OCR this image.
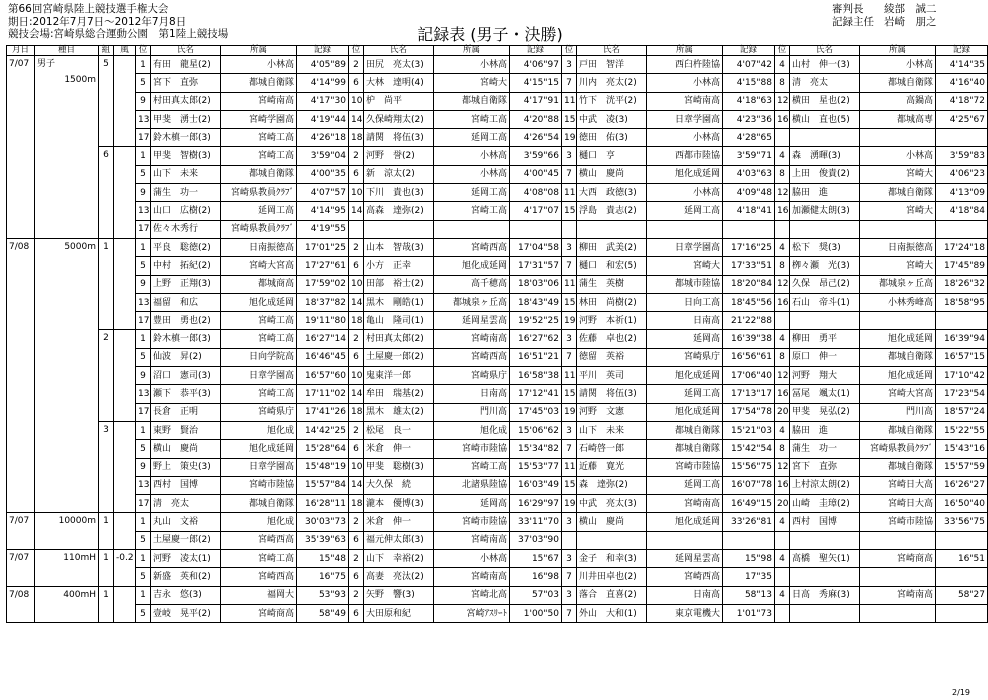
第66回宮崎県陸上競技選手権大会
期日:2012年7月7日～2012年7月8日
競技会場:宮崎県総合運動公園　第1陸上競技場	記録表 (男子・決勝)
審判長 綾部　誠二
記録主任 岩崎　朋之
月日	種目	組	風	位	氏名	所属	記録	位	氏名	所属	記録	位	氏名	所属	記録	位	氏名	所属	記録
7/07	男子
1500m	5		1	有田　龍星(2)	小林高	4'05"89	2	田尻　亮太(3)	小林高	4'06"97	3	戸田　智洋	西臼杵陸協	4'07"42	4	山村　伸一(3)	小林高	4'14"35
				5	宮下　直弥	都城自衛隊	4'14"99	6	大林　達明(4)	宮崎大	4'15"15	7	川内　亮太(2)	小林高	4'15"88	8	清　亮太	都城自衛隊	4'16"40
				9	村田真太郎(2)	宮崎南高	4'17"30	10	枦　尚平	都城自衛隊	4'17"91	11	竹下　洸平(2)	宮崎南高	4'18"63	12	横田　星也(2)	高鍋高	4'18"72
				13	甲斐　湧士(2)	宮崎学園高	4'19"44	14	久保崎翔太(2)	宮崎工高	4'20"88	15	中武　凌(3)	日章学園高	4'23"36	16	横山　直也(5)	都城高専	4'25"67
				17	鈴木槙一郎(3)	宮崎工高	4'26"18	18	請関　将伍(3)	延岡工高	4'26"54	19	徳田　佑(3)	小林高	4'28"65				
		6		1	甲斐　智樹(3)	宮崎工高	3'59"04	2	河野　誉(2)	小林高	3'59"66	3	樋口　亨	西都市陸協	3'59"71	4	森　湧暉(3)	小林高	3'59"83
				5	山下　未来	都城自衛隊	4'00"35	6	新　涼太(2)	小林高	4'00"45	7	横山　慶尚	旭化成延岡	4'03"63	8	上田　俊貴(2)	宮崎大	4'06"23
				9	蒲生　功一	宮崎県教員ｸﾗﾌﾞ	4'07"57	10	下川　貴也(3)	延岡工高	4'08"08	11	大西　政徳(3)	小林高	4'09"48	12	脇田　進	都城自衛隊	4'13"09
				13	山口　広樹(2)	延岡工高	4'14"95	14	高森　達弥(2)	宮崎工高	4'17"07	15	浮島　貴志(2)	延岡工高	4'18"41	16	加瀬健太朗(3)	宮崎大	4'18"84
				17	佐々木秀行	宮崎県教員ｸﾗﾌﾞ	4'19"55												
7/08	5000m	1		1	平良　聡徳(2)	日南振徳高	17'01"25	2	山本　智哉(3)	宮崎西高	17'04"58	3	柳田　武美(2)	日章学園高	17'16"25	4	松下　奨(3)	日南振徳高	17'24"18
				5	中村　拓紀(2)	宮崎大宮高	17'27"61	6	小方　正幸	旭化成延岡	17'31"57	7	樋口　和宏(5)	宮崎大	17'33"51	8	栁々瀬　光(3)	宮崎大	17'45"89
				9	上野　正翔(3)	都城商高	17'59"02	10	田部　裕士(2)	高千穂高	18'03"06	11	蒲生　英樹	都城市陸協	18'20"84	12	久保　昂己(2)	都城泉ヶ丘高	18'26"32
				13	福留　和広	旭化成延岡	18'37"82	14	黒木　剛皓(1)	都城泉ヶ丘高	18'43"49	15	林田　尚樹(2)	日向工高	18'45"56	16	石山　帝斗(1)	小林秀峰高	18'58"95
				17	豊田　勇也(2)	宮崎工高	19'11"80	18	亀山　隆司(1)	延岡星雲高	19'52"25	19	河野　本祈(1)	日南高	21'22"88				
		2		1	鈴木槙一郎(3)	宮崎工高	16'27"14	2	村田真太郎(2)	宮崎南高	16'27"62	3	佐藤　卓也(2)	延岡高	16'39"38	4	柳田　勇平	旭化成延岡	16'39"94
				5	仙波　昇(2)	日向学院高	16'46"45	6	土屋慶一郎(2)	宮崎西高	16'51"21	7	徳留　英裕	宮崎県庁	16'56"61	8	原口　伸一	都城自衛隊	16'57"15
				9	沼口　憲司(3)	日章学園高	16'57"60	10	鬼東洋一郎	宮崎県庁	16'58"38	11	平川　英司	旭化成延岡	17'06"40	12	河野　翔大	旭化成延岡	17'10"42
				13	瀬下　恭平(3)	宮崎工高	17'11"02	14	牟田　瑞基(2)	日南高	17'12"41	15	請関　将伍(3)	延岡工高	17'13"17	16	冨尾　颯太(1)	宮崎大宮高	17'23"54
				17	長倉　正明	宮崎県庁	17'41"26	18	黒木　雄太(2)	門川高	17'45"03	19	河野　文憲	旭化成延岡	17'54"78	20	甲斐　晃弘(2)	門川高	18'57"24
		3		1	東野　賢治	旭化成	14'42"25	2	松尾　良一	旭化成	15'06"62	3	山下　未来	都城自衛隊	15'21"03	4	脇田　進	都城自衛隊	15'22"55
				5	横山　慶尚	旭化成延岡	15'28"64	6	米倉　伸一	宮崎市陸協	15'34"82	7	石崎啓一郎	都城自衛隊	15'42"54	8	蒲生　功一	宮崎県教員ｸﾗﾌﾞ	15'43"16
				9	野上　策史(3)	日章学園高	15'48"19	10	甲斐　聡樹(3)	宮崎工高	15'53"77	11	近藤　寛光	宮崎市陸協	15'56"75	12	宮下　直弥	都城自衛隊	15'57"59
				13	西村　国博	宮崎市陸協	15'57"84	14	大久保　続	北諸県陸協	16'03"49	15	森　達弥(2)	延岡工高	16'07"78	16	上村涼太朗(2)	宮崎日大高	16'26"27
				17	清　亮太	都城自衛隊	16'28"11	18	瀧本　優博(3)	延岡高	16'29"97	19	中武　亮太(3)	宮崎南高	16'49"15	20	山崎　圭璋(2)	宮崎日大高	16'50"40
7/07	10000m	1		1	丸山　文裕	旭化成	30'03"73	2	米倉　伸一	宮崎市陸協	33'11"70	3	横山　慶尚	旭化成延岡	33'26"81	4	西村　国博	宮崎市陸協	33'56"75
				5	土屋慶一郎(2)	宮崎西高	35'39"63	6	福元伸太郎(3)	宮崎南高	37'03"90								
7/07	110mH	1	-0.2	1	河野　凌太(1)	宮崎工高	15"48	2	山下　幸裕(2)	小林高	15"67	3	金子　和幸(3)	延岡星雲高	15"98	4	高橋　聖矢(1)	宮崎商高	16"51
				5	新盛　英和(2)	宮崎西高	16"75	6	高妻　亮汰(2)	宮崎南高	16"98	7	川井田卓也(2)	宮崎西高	17"35				
7/08	400mH	1		1	吉永　悠(3)	福岡大	53"93	2	矢野　響(3)	宮崎北高	57"03	3	落合　直喜(2)	日南高	58"13	4	日高　秀麻(3)	宮崎南高	58"27
				5	壹岐　晃平(2)	宮崎商高	58"49	6	大田原和紀	宮崎ｱｽﾘｰﾄ	1'00"50	7	外山　大和(1)	東京電機大	1'01"73				
2/19
